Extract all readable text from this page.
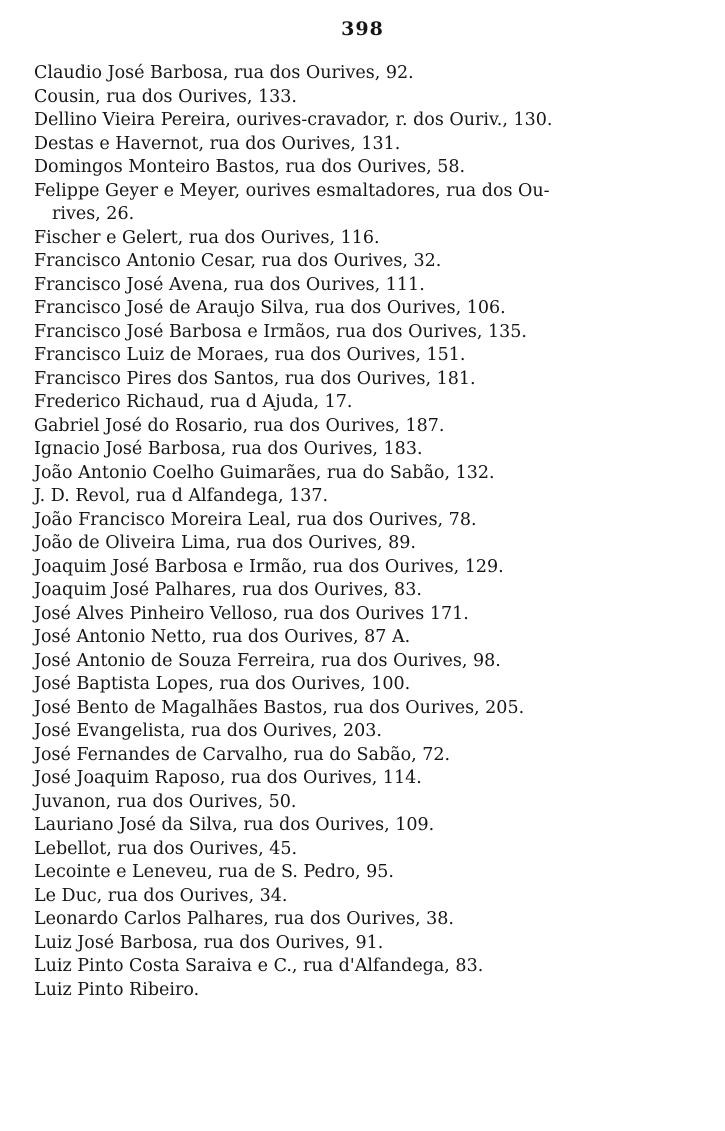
398
Claudio José Barbosa, rua dos Ourives, 92.
Cousin, rua dos Ourives, 133.
Dellino Vieira Pereira, ourives-cravador, r. dos Ouriv., 130.
Destas e Havernot, rua dos Ourives, 131.
Domingos Monteiro Bastos, rua dos Ourives, 58.
Felippe Geyer e Meyer, ourives esmaltadores, rua dos Ou-
rives, 26.
Fischer e Gelert, rua dos Ourives, 116.
Francisco Antonio Cesar, rua dos Ourives, 32.
Francisco José Avena, rua dos Ourives, 111.
Francisco José de Araujo Silva, rua dos Ourives, 106.
Francisco José Barbosa e Irmãos, rua dos Ourives, 135.
Francisco Luiz de Moraes, rua dos Ourives, 151.
Francisco Pires dos Santos, rua dos Ourives, 181.
Frederico Richaud, rua d Ajuda, 17.
Gabriel José do Rosario, rua dos Ourives, 187.
Ignacio José Barbosa, rua dos Ourives, 183.
João Antonio Coelho Guimarães, rua do Sabão, 132.
J. D. Revol, rua d Alfandega, 137.
João Francisco Moreira Leal, rua dos Ourives, 78.
João de Oliveira Lima, rua dos Ourives, 89.
Joaquim José Barbosa e Irmão, rua dos Ourives, 129.
Joaquim José Palhares, rua dos Ourives, 83.
José Alves Pinheiro Velloso, rua dos Ourives 171.
José Antonio Netto, rua dos Ourives, 87 A.
José Antonio de Souza Ferreira, rua dos Ourives, 98.
José Baptista Lopes, rua dos Ourives, 100.
José Bento de Magalhães Bastos, rua dos Ourives, 205.
José Evangelista, rua dos Ourives, 203.
José Fernandes de Carvalho, rua do Sabão, 72.
José Joaquim Raposo, rua dos Ourives, 114.
Juvanon, rua dos Ourives, 50.
Lauriano José da Silva, rua dos Ourives, 109.
Lebellot, rua dos Ourives, 45.
Lecointe e Leneveu, rua de S. Pedro, 95.
Le Duc, rua dos Ourives, 34.
Leonardo Carlos Palhares, rua dos Ourives, 38.
Luiz José Barbosa, rua dos Ourives, 91.
Luiz Pinto Costa Saraiva e C., rua d'Alfandega, 83.
Luiz Pinto Ribeiro.
